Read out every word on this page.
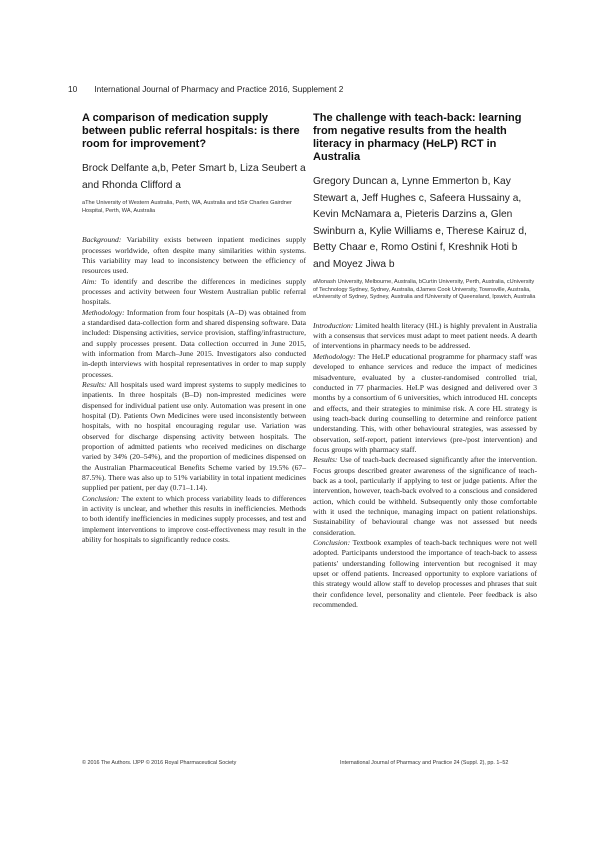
10 International Journal of Pharmacy and Practice 2016, Supplement 2
A comparison of medication supply between public referral hospitals: is there room for improvement?
Brock Delfante a,b, Peter Smart b, Liza Seubert a and Rhonda Clifford a
aThe University of Western Australia, Perth, WA, Australia and bSir Charles Gairdner Hospital, Perth, WA, Australia

Background: Variability exists between inpatient medicines supply processes worldwide, often despite many similarities within systems. This variability may lead to inconsistency between the efficiency of resources used.

Aim: To identify and describe the differences in medicines supply processes and activity between four Western Australian public referral hospitals.

Methodology: Information from four hospitals (A–D) was obtained from a standardised data-collection form and shared dispensing software. Data included: Dispensing activities, service provision, staffing/infrastructure, and supply processes present. Data collection occurred in June 2015, with information from March–June 2015. Investigators also conducted in-depth interviews with hospital representatives in order to map supply processes.

Results: All hospitals used ward imprest systems to supply medicines to inpatients. In three hospitals (B–D) non-imprested medicines were dispensed for individual patient use only. Automation was present in one hospital (D). Patients Own Medicines were used inconsistently between hospitals, with no hospital encouraging regular use. Variation was observed for discharge dispensing activity between hospitals. The proportion of admitted patients who received medicines on discharge varied by 34% (20–54%), and the proportion of medicines dispensed on the Australian Pharmaceutical Benefits Scheme varied by 19.5% (67–87.5%). There was also up to 51% variability in total inpatient medicines supplied per patient, per day (0.71–1.14).

Conclusion: The extent to which process variability leads to differences in activity is unclear, and whether this results in inefficiencies. Methods to both identify inefficiencies in medicines supply processes, and test and implement interventions to improve cost-effectiveness may result in the ability for hospitals to significantly reduce costs.

The challenge with teach-back: learning from negative results from the health literacy in pharmacy (HeLP) RCT in Australia
Gregory Duncan a, Lynne Emmerton b, Kay Stewart a, Jeff Hughes c, Safeera Hussainy a, Kevin McNamara a, Pieteris Darzins a, Glen Swinburn a, Kylie Williams e, Therese Kairuz d, Betty Chaar e, Romo Ostini f, Kreshnik Hoti b and Moyez Jiwa b
aMonash University, Melbourne, Australia, bCurtin University, Perth, Australia, cUniversity of Technology Sydney, Sydney, Australia, dJames Cook University, Townsville, Australia, eUniversity of Sydney, Sydney, Australia and fUniversity of Queensland, Ipswich, Australia

Introduction: Limited health literacy (HL) is highly prevalent in Australia with a consensus that services must adapt to meet patient needs. A dearth of interventions in pharmacy needs to be addressed.

Methodology: The HeLP educational programme for pharmacy staff was developed to enhance services and reduce the impact of medicines misadventure, evaluated by a cluster-randomised controlled trial, conducted in 77 pharmacies. HeLP was designed and delivered over 3 months by a consortium of 6 universities, which introduced HL concepts and effects, and their strategies to minimise risk. A core HL strategy is using teach-back during counselling to determine and reinforce patient understanding. This, with other behavioural strategies, was assessed by observation, self-report, patient interviews (pre-/post intervention) and focus groups with pharmacy staff.

Results: Use of teach-back decreased significantly after the intervention. Focus groups described greater awareness of the significance of teach-back as a tool, particularly if applying to test or judge patients. After the intervention, however, teach-back evolved to a conscious and considered action, which could be withheld. Subsequently only those comfortable with it used the technique, managing impact on patient relationships. Sustainability of behavioural change was not assessed but needs consideration.

Conclusion: Textbook examples of teach-back techniques were not well adopted. Participants understood the importance of teach-back to assess patients' understanding following intervention but recognised it may upset or offend patients. Increased opportunity to explore variations of this strategy would allow staff to develop processes and phrases that suit their confidence level, personality and clientele. Peer feedback is also recommended.

© 2016 The Authors. IJPP © 2016 Royal Pharmaceutical Society	International Journal of Pharmacy and Practice 24 (Suppl. 2), pp. 1–52
